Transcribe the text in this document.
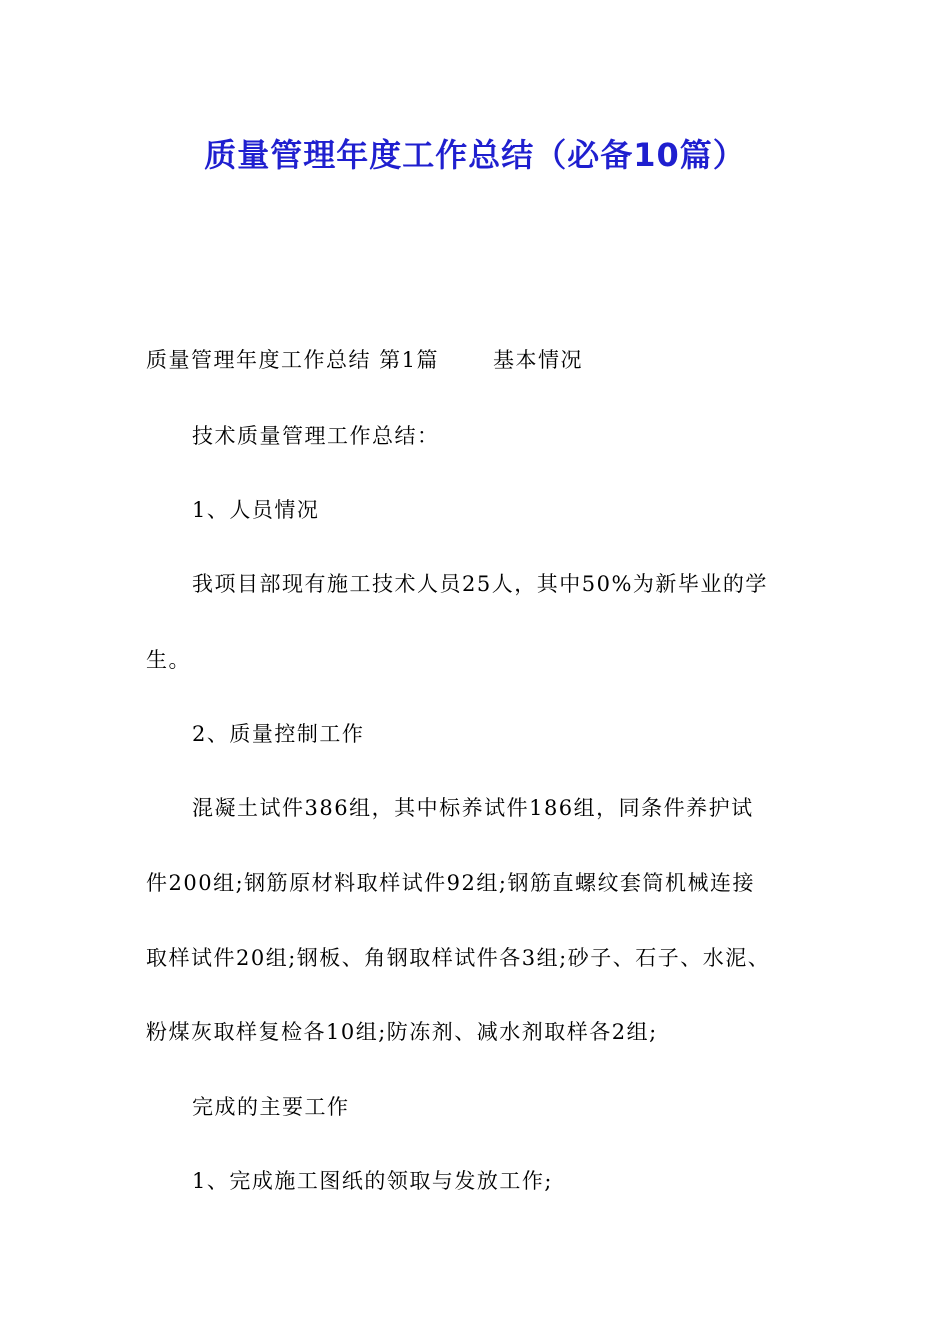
质量管理年度工作总结（必备10篇）
质量管理年度工作总结 第1篇	基本情况
技术质量管理工作总结：
1、人员情况
我项目部现有施工技术人员25人，其中50%为新毕业的学
生。
2、质量控制工作
混凝土试件386组，其中标养试件186组，同条件养护试
件200组;钢筋原材料取样试件92组;钢筋直螺纹套筒机械连接
取样试件20组;钢板、角钢取样试件各3组;砂子、石子、水泥、
粉煤灰取样复检各10组;防冻剂、减水剂取样各2组;
完成的主要工作
1、完成施工图纸的领取与发放工作;
